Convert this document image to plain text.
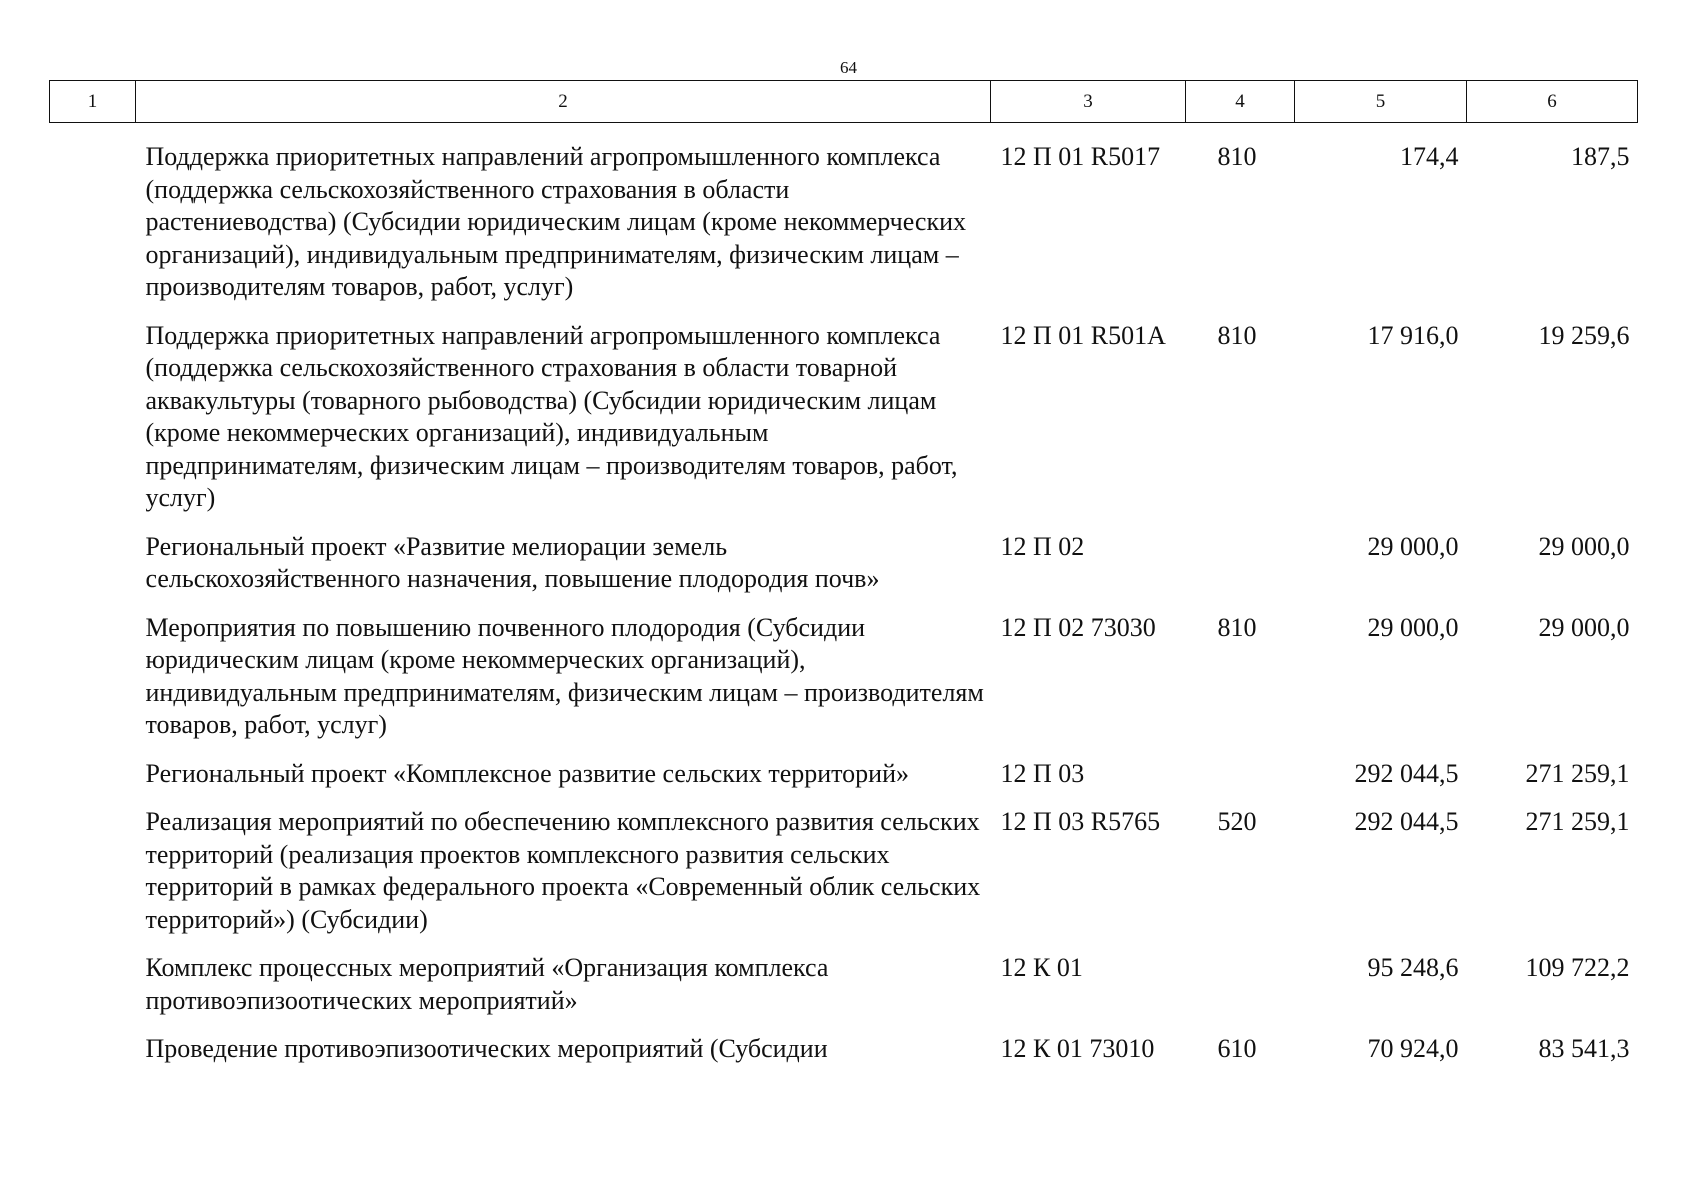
64
1	2	3	4	5	6

	Поддержка приоритетных направлений агропромышленного комплекса (поддержка сельскохозяйственного страхования в области растениеводства) (Субсидии юридическим лицам (кроме некоммерческих организаций), индивидуальным предпринимателям, физическим лицам – производителям товаров, работ, услуг)	12 П 01 R5017	810	174,4	187,5

	Поддержка приоритетных направлений агропромышленного комплекса (поддержка сельскохозяйственного страхования в области товарной аквакультуры (товарного рыбоводства) (Субсидии юридическим лицам (кроме некоммерческих организаций), индивидуальным предпринимателям, физическим лицам – производителям товаров, работ, услуг)	12 П 01 R501А	810	17 916,0	19 259,6

	Региональный проект «Развитие мелиорации земель сельскохозяйственного назначения, повышение плодородия почв»	12 П 02		29 000,0	29 000,0

	Мероприятия по повышению почвенного плодородия (Субсидии юридическим лицам (кроме некоммерческих организаций), индивидуальным предпринимателям, физическим лицам – производителям товаров, работ, услуг)	12 П 02 73030	810	29 000,0	29 000,0

	Региональный проект «Комплексное развитие сельских территорий»	12 П 03		292 044,5	271 259,1

	Реализация мероприятий по обеспечению комплексного развития сельских территорий (реализация проектов комплексного развития сельских территорий в рамках федерального проекта «Современный облик сельских территорий») (Субсидии)	12 П 03 R5765	520	292 044,5	271 259,1

	Комплекс процессных мероприятий «Организация комплекса противоэпизоотических мероприятий»	12 К 01		95 248,6	109 722,2

	Проведение противоэпизоотических мероприятий (Субсидии	12 К 01 73010	610	70 924,0	83 541,3
